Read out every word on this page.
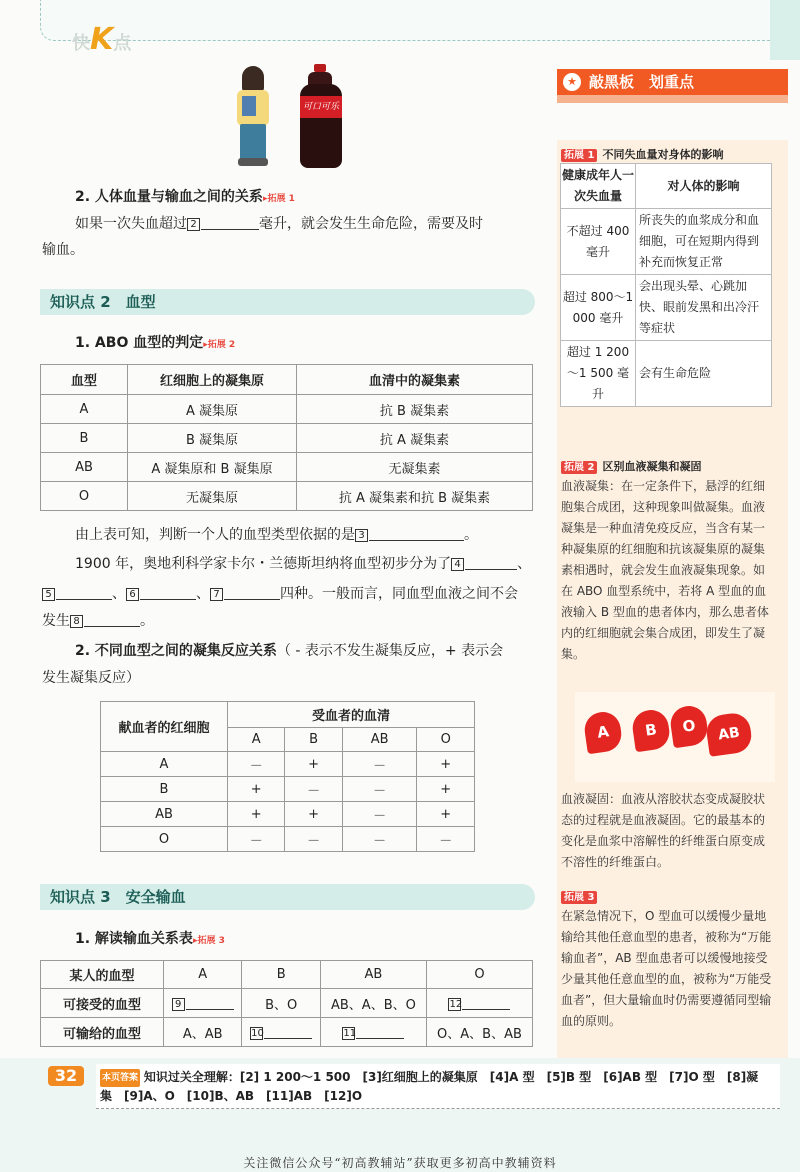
快K点
可口可乐
2. 人体血量与输血之间的关系▸拓展 1
如果一次失血超过 2	毫升，就会发生生命危险，需要及时
输血。
知识点 2　血型
1. ABO 血型的判定▸拓展 2
血型	红细胞上的凝集原	血清中的凝集素
A	A 凝集原	抗 B 凝集素
B	B 凝集原	抗 A 凝集素
AB	A 凝集原和 B 凝集原	无凝集素
O	无凝集原	抗 A 凝集素和抗 B 凝集素
由上表可知，判断一个人的血型类型依据的是 3	。
1900 年，奥地利科学家卡尔・兰德斯坦纳将血型初步分为了 4	、
5	、 6	、 7	四种。一般而言，同血型血液之间不会
发生 8	。
2. 不同血型之间的凝集反应关系（ - 表示不发生凝集反应，+ 表示会
发生凝集反应）
献血者的红细胞	受血者的血清			
	A	B	AB	O
A	－	+	－	+
B	+	－	－	+
AB	+	+	－	+
O	－	－	－	－
知识点 3　安全输血
1. 解读输血关系表▸拓展 3
某人的血型	A	B	AB	O
可接受的血型	9	B、O	AB、A、B、O	12
可输给的血型	A、AB	10	11	O、A、B、AB
★ 敲黑板　划重点
拓展 1 不同失血量对身体的影响
健康成年人一次失血量	对人体的影响
不超过 400 毫升	所丧失的血浆成分和血细胞，可在短期内得到补充而恢复正常
超过 800～1 000 毫升	会出现头晕、心跳加快、眼前发黑和出冷汗等症状
超过 1 200～1 500 毫升	会有生命危险
拓展 2 区别血液凝集和凝固
血液凝集：在一定条件下，悬浮的红细胞集合成团，这种现象叫做凝集。血液凝集是一种血清免疫反应，当含有某一种凝集原的红细胞和抗该凝集原的凝集素相遇时，就会发生血液凝集现象。如在 ABO 血型系统中，若将 A 型血的血液输入 B 型血的患者体内，那么患者体内的红细胞就会集合成团，即发生了凝集。
A	B	O	AB
血液凝固：血液从溶胶状态变成凝胶状态的过程就是血液凝固。它的最基本的变化是血浆中溶解性的纤维蛋白原变成不溶性的纤维蛋白。
拓展 3
在紧急情况下，O 型血可以缓慢少量地输给其他任意血型的患者，被称为“万能输血者”，AB 型血患者可以缓慢地接受少量其他任意血型的血，被称为“万能受血者”，但大量输血时仍需要遵循同型输血的原则。
32	本页答案 知识过关全理解：[2] 1 200～1 500　[3]红细胞上的凝集原　[4]A 型　[5]B 型　[6]AB 型　[7]O 型　[8]凝集　[9]A、O　[10]B、AB　[11]AB　[12]O
关注微信公众号“初高教辅站”获取更多初高中教辅资料
